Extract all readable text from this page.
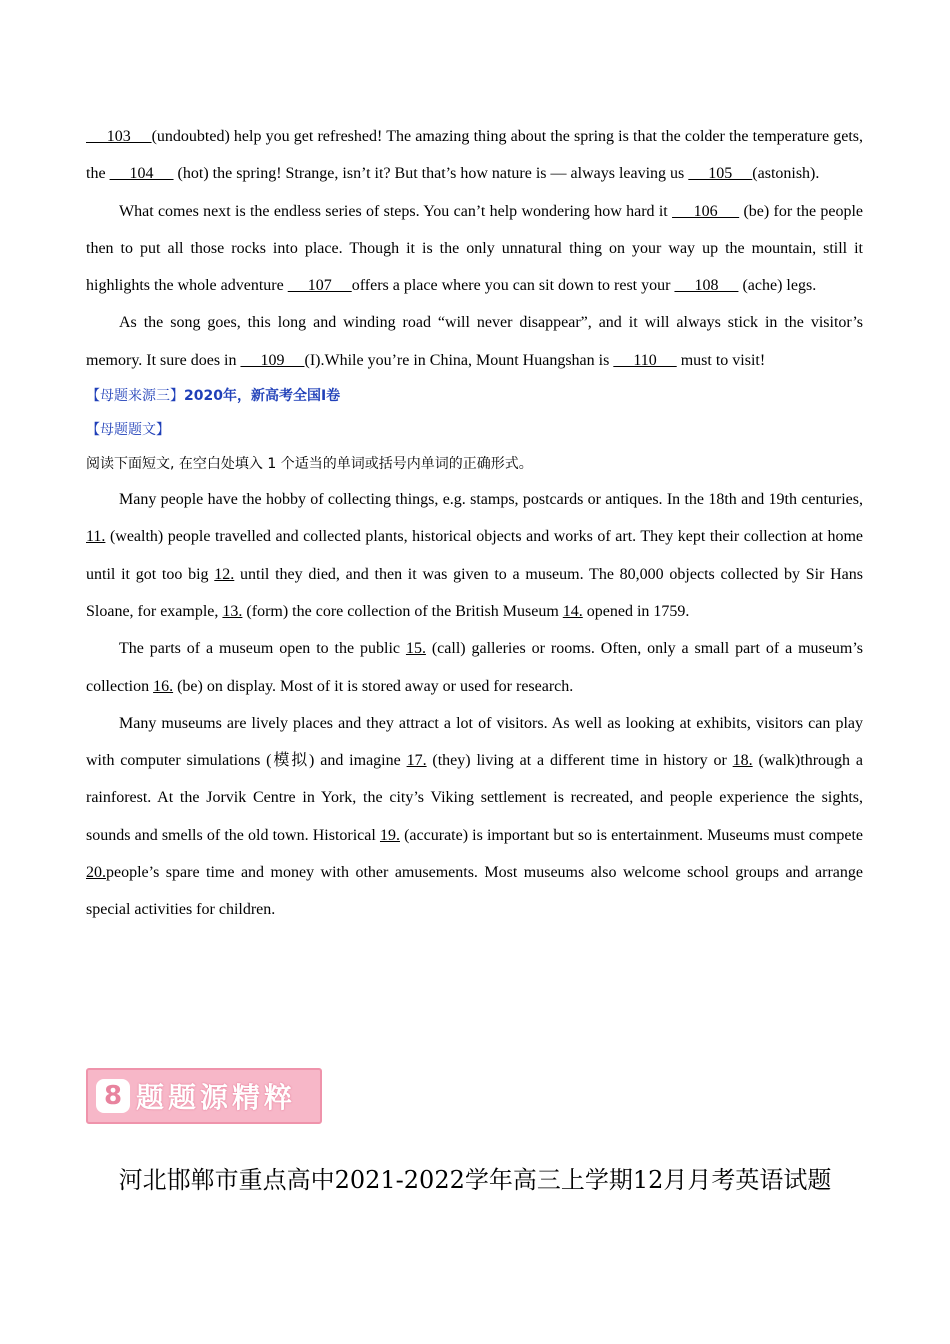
103     (undoubted) help you get refreshed! The amazing thing about the spring is that the colder the temperature gets, the      104      (hot) the spring! Strange, isn’t it? But that’s how nature is — always leaving us      105     (astonish).

What comes next is the endless series of steps. You can’t help wondering how hard it      106      (be) for the people then to put all those rocks into place. Though it is the only unnatural thing on your way up the mountain, still it highlights the whole adventure      107     offers a place where you can sit down to rest your      108      (ache) legs.

As the song goes, this long and winding road “will never disappear”, and it will always stick in the visitor’s memory. It sure does in      109     (I).While you’re in China, Mount Huangshan is      110      must to visit!

【母题来源三】2020年，新高考全国Ⅰ卷

【母题题文】

阅读下面短文, 在空白处填入 1 个适当的单词或括号内单词的正确形式。

Many people have the hobby of collecting things, e.g. stamps, postcards or antiques. In the 18th and 19th centuries, 11. (wealth) people travelled and collected plants, historical objects and works of art. They kept their collection at home until it got too big 12. until they died, and then it was given to a museum. The 80,000 objects collected by Sir Hans Sloane, for example, 13. (form) the core collection of the British Museum 14. opened in 1759.

The parts of a museum open to the public 15. (call) galleries or rooms. Often, only a small part of a museum’s collection 16. (be) on display. Most of it is stored away or used for research.

Many museums are lively places and they attract a lot of visitors. As well as looking at exhibits, visitors can play with computer simulations (模拟) and imagine 17. (they) living at a different time in history or 18. (walk)through a rainforest. At the Jorvik Centre in York, the city’s Viking settlement is recreated, and people experience the sights, sounds and smells of the old town. Historical 19. (accurate) is important but so is entertainment. Museums must compete 20.people’s spare time and money with other amusements. Most museums also welcome school groups and arrange special activities for children.

8 题题源精粹

河北邯郸市重点高中2021-2022学年高三上学期12月月考英语试题
